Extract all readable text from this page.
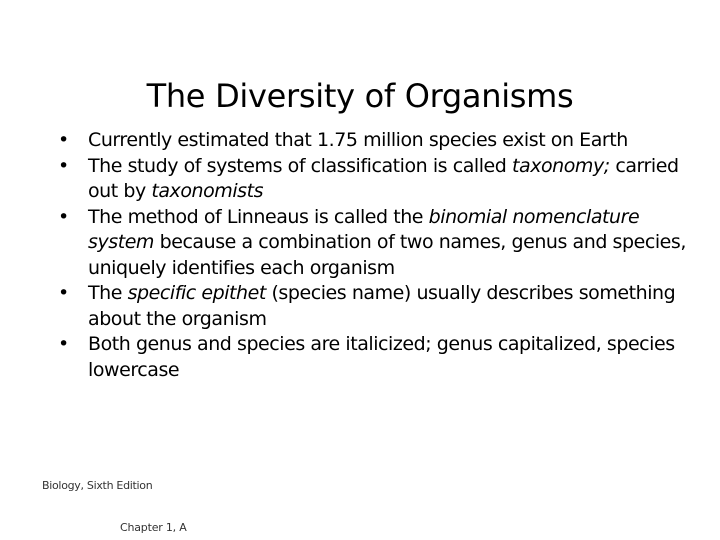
The Diversity of Organisms
•	Currently estimated that 1.75 million species exist on Earth
•	The study of systems of classification is called taxonomy; carried out by taxonomists
•	The method of Linneaus is called the binomial nomenclature system because a combination of two names, genus and species, uniquely identifies each organism
•	The specific epithet (species name) usually describes something about the organism
•	Both genus and species are italicized; genus capitalized, species lowercase
Biology, Sixth Edition
Chapter 1, A
